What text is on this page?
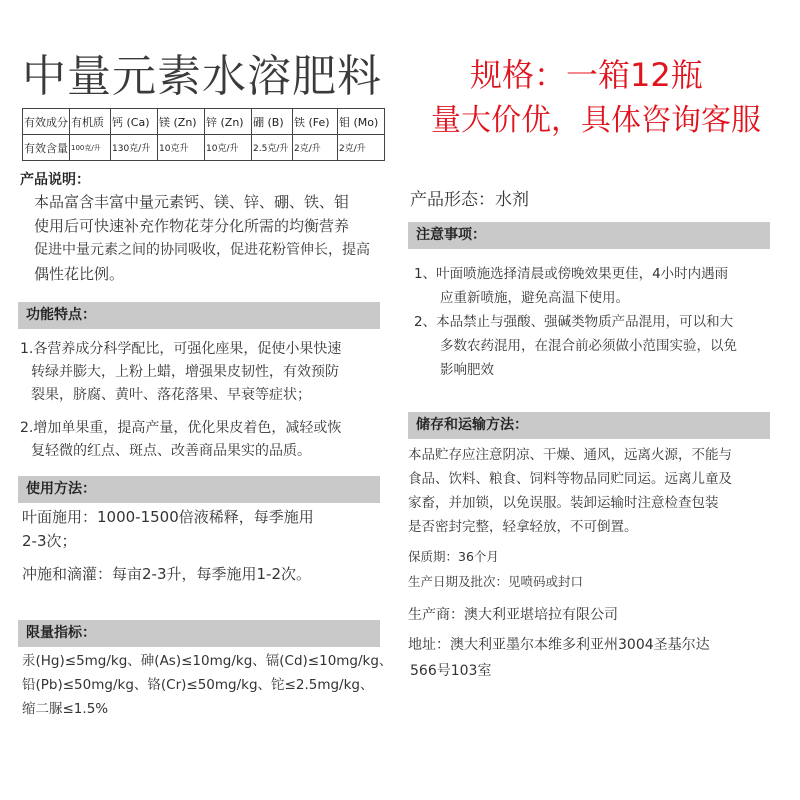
中量元素水溶肥料	规格：一箱12瓶
量大价优，具体咨询客服
有效成分	有机质	钙 (Ca)	镁 (Zn)	锌 (Zn)	硼 (B)	铁 (Fe)	钼 (Mo)
有效含量	100克/升	130克/升	10克升	10克/升	2.5克/升	2克/升	2克/升
产品说明：
本品富含丰富中量元素钙、镁、锌、硼、铁、钼
使用后可快速补充作物花芽分化所需的均衡营养
促进中量元素之间的协同吸收，促进花粉管伸长，提高
偶性花比例。
功能特点：
1.各营养成分科学配比，可强化座果，促使小果快速
转绿并膨大，上粉上蜡，增强果皮韧性，有效预防
裂果，脐腐、黄叶、落花落果、早衰等症状；
2.增加单果重，提高产量，优化果皮着色，减轻或恢
复轻微的红点、斑点、改善商品果实的品质。
使用方法：
叶面施用：1000-1500倍液稀释，每季施用
2-3次；
冲施和滴灌：每亩2-3升，每季施用1-2次。
限量指标：
汞(Hg)≤5mg/kg、砷(As)≤10mg/kg、镉(Cd)≤10mg/kg、
铅(Pb)≤50mg/kg、铬(Cr)≤50mg/kg、铊≤2.5mg/kg、
缩二脲≤1.5%
产品形态：水剂
注意事项：
1、叶面喷施选择清晨或傍晚效果更佳，4小时内遇雨
应重新喷施，避免高温下使用。
2、本品禁止与强酸、强碱类物质产品混用，可以和大
多数农药混用，在混合前必须做小范围实验，以免
影响肥效
储存和运输方法：
本品贮存应注意阴凉、干燥、通风，远离火源，不能与
食品、饮料、粮食、饲料等物品同贮同运。远离儿童及
家畜，并加锁，以免误服。装卸运输时注意检查包装
是否密封完整，轻拿轻放，不可倒置。
保质期：36个月
生产日期及批次：见喷码或封口
生产商：澳大利亚堪培拉有限公司
地址：澳大利亚墨尔本维多利亚州3004圣基尔达
566号103室
